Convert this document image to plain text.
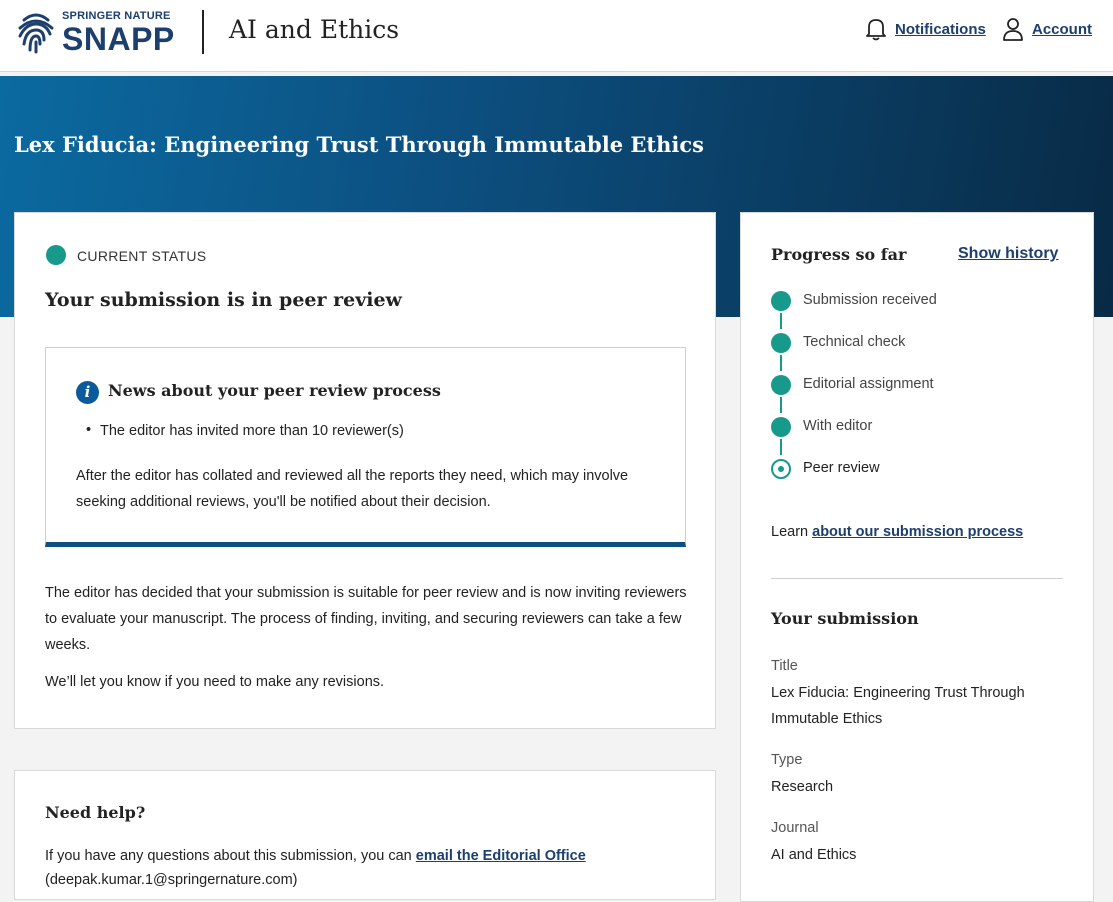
SPRINGER NATURE
SNAPP AI and Ethics	Notifications	Account
Lex Fiducia: Engineering Trust Through Immutable Ethics
CURRENT STATUS
Your submission is in peer review
i	News about your peer review process
• The editor has invited more than 10 reviewer(s)
After the editor has collated and reviewed all the reports they need, which may involve seeking additional reviews, you'll be notified about their decision.
The editor has decided that your submission is suitable for peer review and is now inviting reviewers to evaluate your manuscript. The process of finding, inviting, and securing reviewers can take a few weeks.
We’ll let you know if you need to make any revisions.
Need help?
If you have any questions about this submission, you can email the Editorial Office (deepak.kumar.1@springernature.com)
Progress so far	Show history
Submission received
Technical check
Editorial assignment
With editor
Peer review
Learn about our submission process
Your submission
Title
Lex Fiducia: Engineering Trust Through Immutable Ethics
Type
Research
Journal
AI and Ethics
